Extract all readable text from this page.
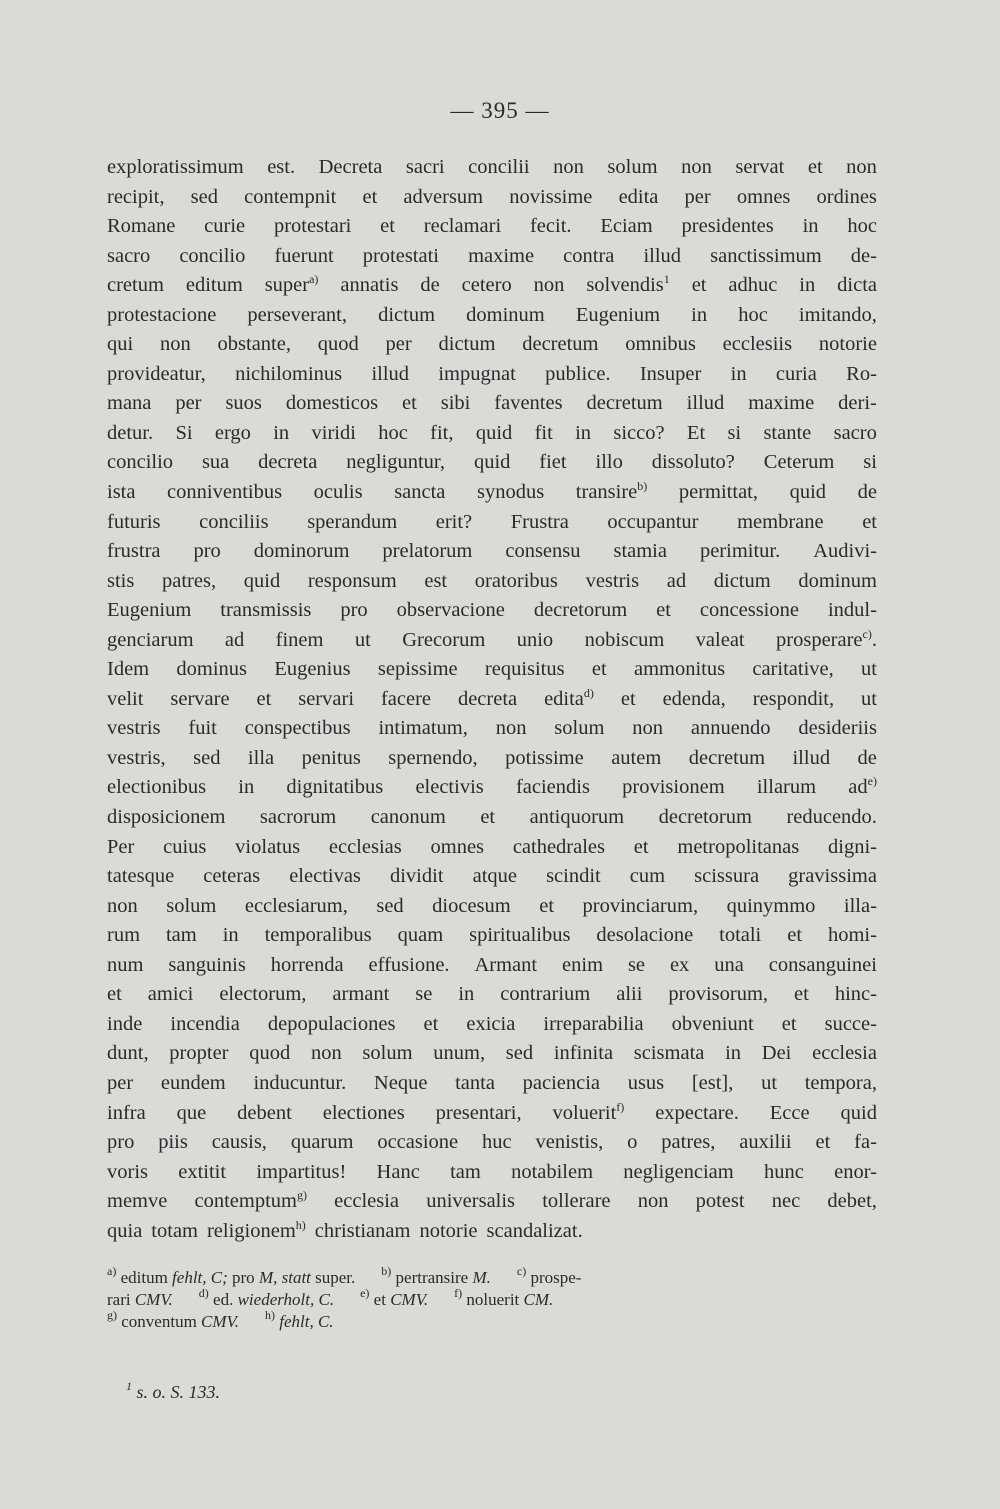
— 395 —
exploratissimum est. Decreta sacri concilii non solum non servat et non
recipit, sed contempnit et adversum novissime edita per omnes ordines
Romane curie protestari et reclamari fecit. Eciam presidentes in hoc
sacro concilio fuerunt protestati maxime contra illud sanctissimum de-
cretum editum super$^{a)}$ annatis de cetero non solvendis$^1$ et adhuc in dicta
protestacione perseverant, dictum dominum Eugenium in hoc imitando,
qui non obstante, quod per dictum decretum omnibus ecclesiis notorie
provideatur, nichilominus illud impugnat publice. Insuper in curia Ro-
mana per suos domesticos et sibi faventes decretum illud maxime deri-
detur. Si ergo in viridi hoc fit, quid fit in sicco? Et si stante sacro
concilio sua decreta negliguntur, quid fiet illo dissoluto? Ceterum si
ista conniventibus oculis sancta synodus transire$^{b)}$ permittat, quid de
futuris conciliis sperandum erit? Frustra occupantur membrane et
frustra pro dominorum prelatorum consensu stamia perimitur. Audivi-
stis patres, quid responsum est oratoribus vestris ad dictum dominum
Eugenium transmissis pro observacione decretorum et concessione indul-
genciarum ad finem ut Grecorum unio nobiscum valeat prosperare$^{c)}$.
Idem dominus Eugenius sepissime requisitus et ammonitus caritative, ut
velit servare et servari facere decreta edita$^{d)}$ et edenda, respondit, ut
vestris fuit conspectibus intimatum, non solum non annuendo desideriis
vestris, sed illa penitus spernendo, potissime autem decretum illud de
electionibus in dignitatibus electivis faciendis provisionem illarum $ad^{e)}$
disposicionem sacrorum canonum et antiquorum decretorum reducendo.
Per cuius violatus ecclesias omnes cathedrales et metropolitanas digni-
tatesque ceteras electivas dividit atque scindit cum scissura gravissima
non solum ecclesiarum, sed diocesum et provinciarum, quinymmo illa-
rum tam in temporalibus quam spiritualibus desolacione totali et homi-
num sanguinis horrenda effusione. Armant enim se ex una consanguinei
et amici electorum, armant se in contrarium alii provisorum, et hinc-
inde incendia depopulaciones et exicia irreparabilia obveniunt et succe-
dunt, propter quod non solum unum, sed infinita scismata in Dei ecclesia
per eundem inducuntur. Neque tanta paciencia usus [est], ut tempora,
infra que debent electiones presentari, voluerit$^{f)}$ expectare. Ecce quid
pro piis causis, quarum occasione huc venistis, o patres, auxilii et fa-
voris extitit impartitus! Hanc tam notabilem negligenciam hunc enor-
memve contemptum$^{g)}$ ecclesia universalis tollerare non potest nec debet,
quia totam religionem$^{h)}$ christianam notorie scandalizat.
$^{a)}$ editum fehlt, C; pro M, statt super. $^{b)}$ pertransire M. $^{c)}$ prospe-
rari CMV. $^{d)}$ ed. wiederholt, C. $^{e)}$ et CMV. $^{f)}$ noluerit CM.
$^{g)}$ conventum CMV. $^{h)}$ fehlt, C.
$^1$ s. o. S. 133.
